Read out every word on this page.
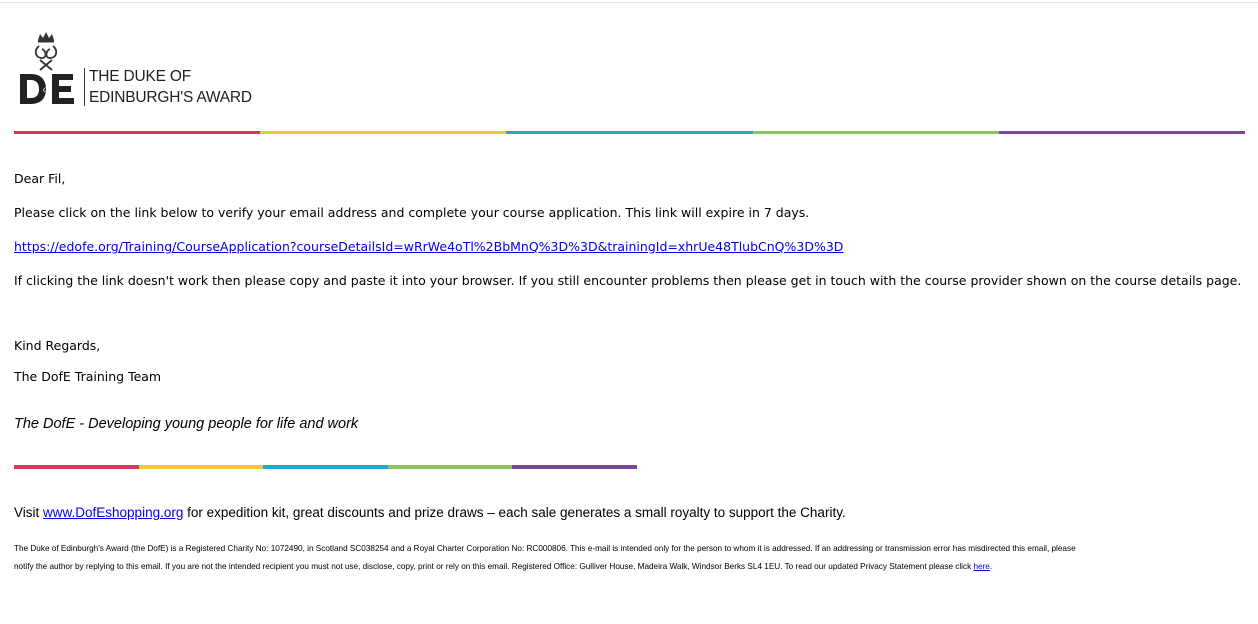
of
THE DUKE OF
EDINBURGH'S AWARD
Dear Fil,
Please click on the link below to verify your email address and complete your course application. This link will expire in 7 days.
https://edofe.org/Training/CourseApplication?courseDetailsId=wRrWe4oTl%2BbMnQ%3D%3D&trainingId=xhrUe48TlubCnQ%3D%3D
If clicking the link doesn't work then please copy and paste it into your browser. If you still encounter problems then please get in touch with the course provider shown on the course details page.
Kind Regards,
The DofE Training Team
The DofE - Developing young people for life and work
Visit www.DofEshopping.org for expedition kit, great discounts and prize draws – each sale generates a small royalty to support the Charity.
The Duke of Edinburgh's Award (the DofE) is a Registered Charity No: 1072490, in Scotland SC038254 and a Royal Charter Corporation No: RC000806. This e-mail is intended only for the person to whom it is addressed. If an addressing or transmission error has misdirected this email, please
notify the author by replying to this email. If you are not the intended recipient you must not use, disclose, copy, print or rely on this email. Registered Office: Gulliver House, Madeira Walk, Windsor Berks SL4 1EU. To read our updated Privacy Statement please click here.
